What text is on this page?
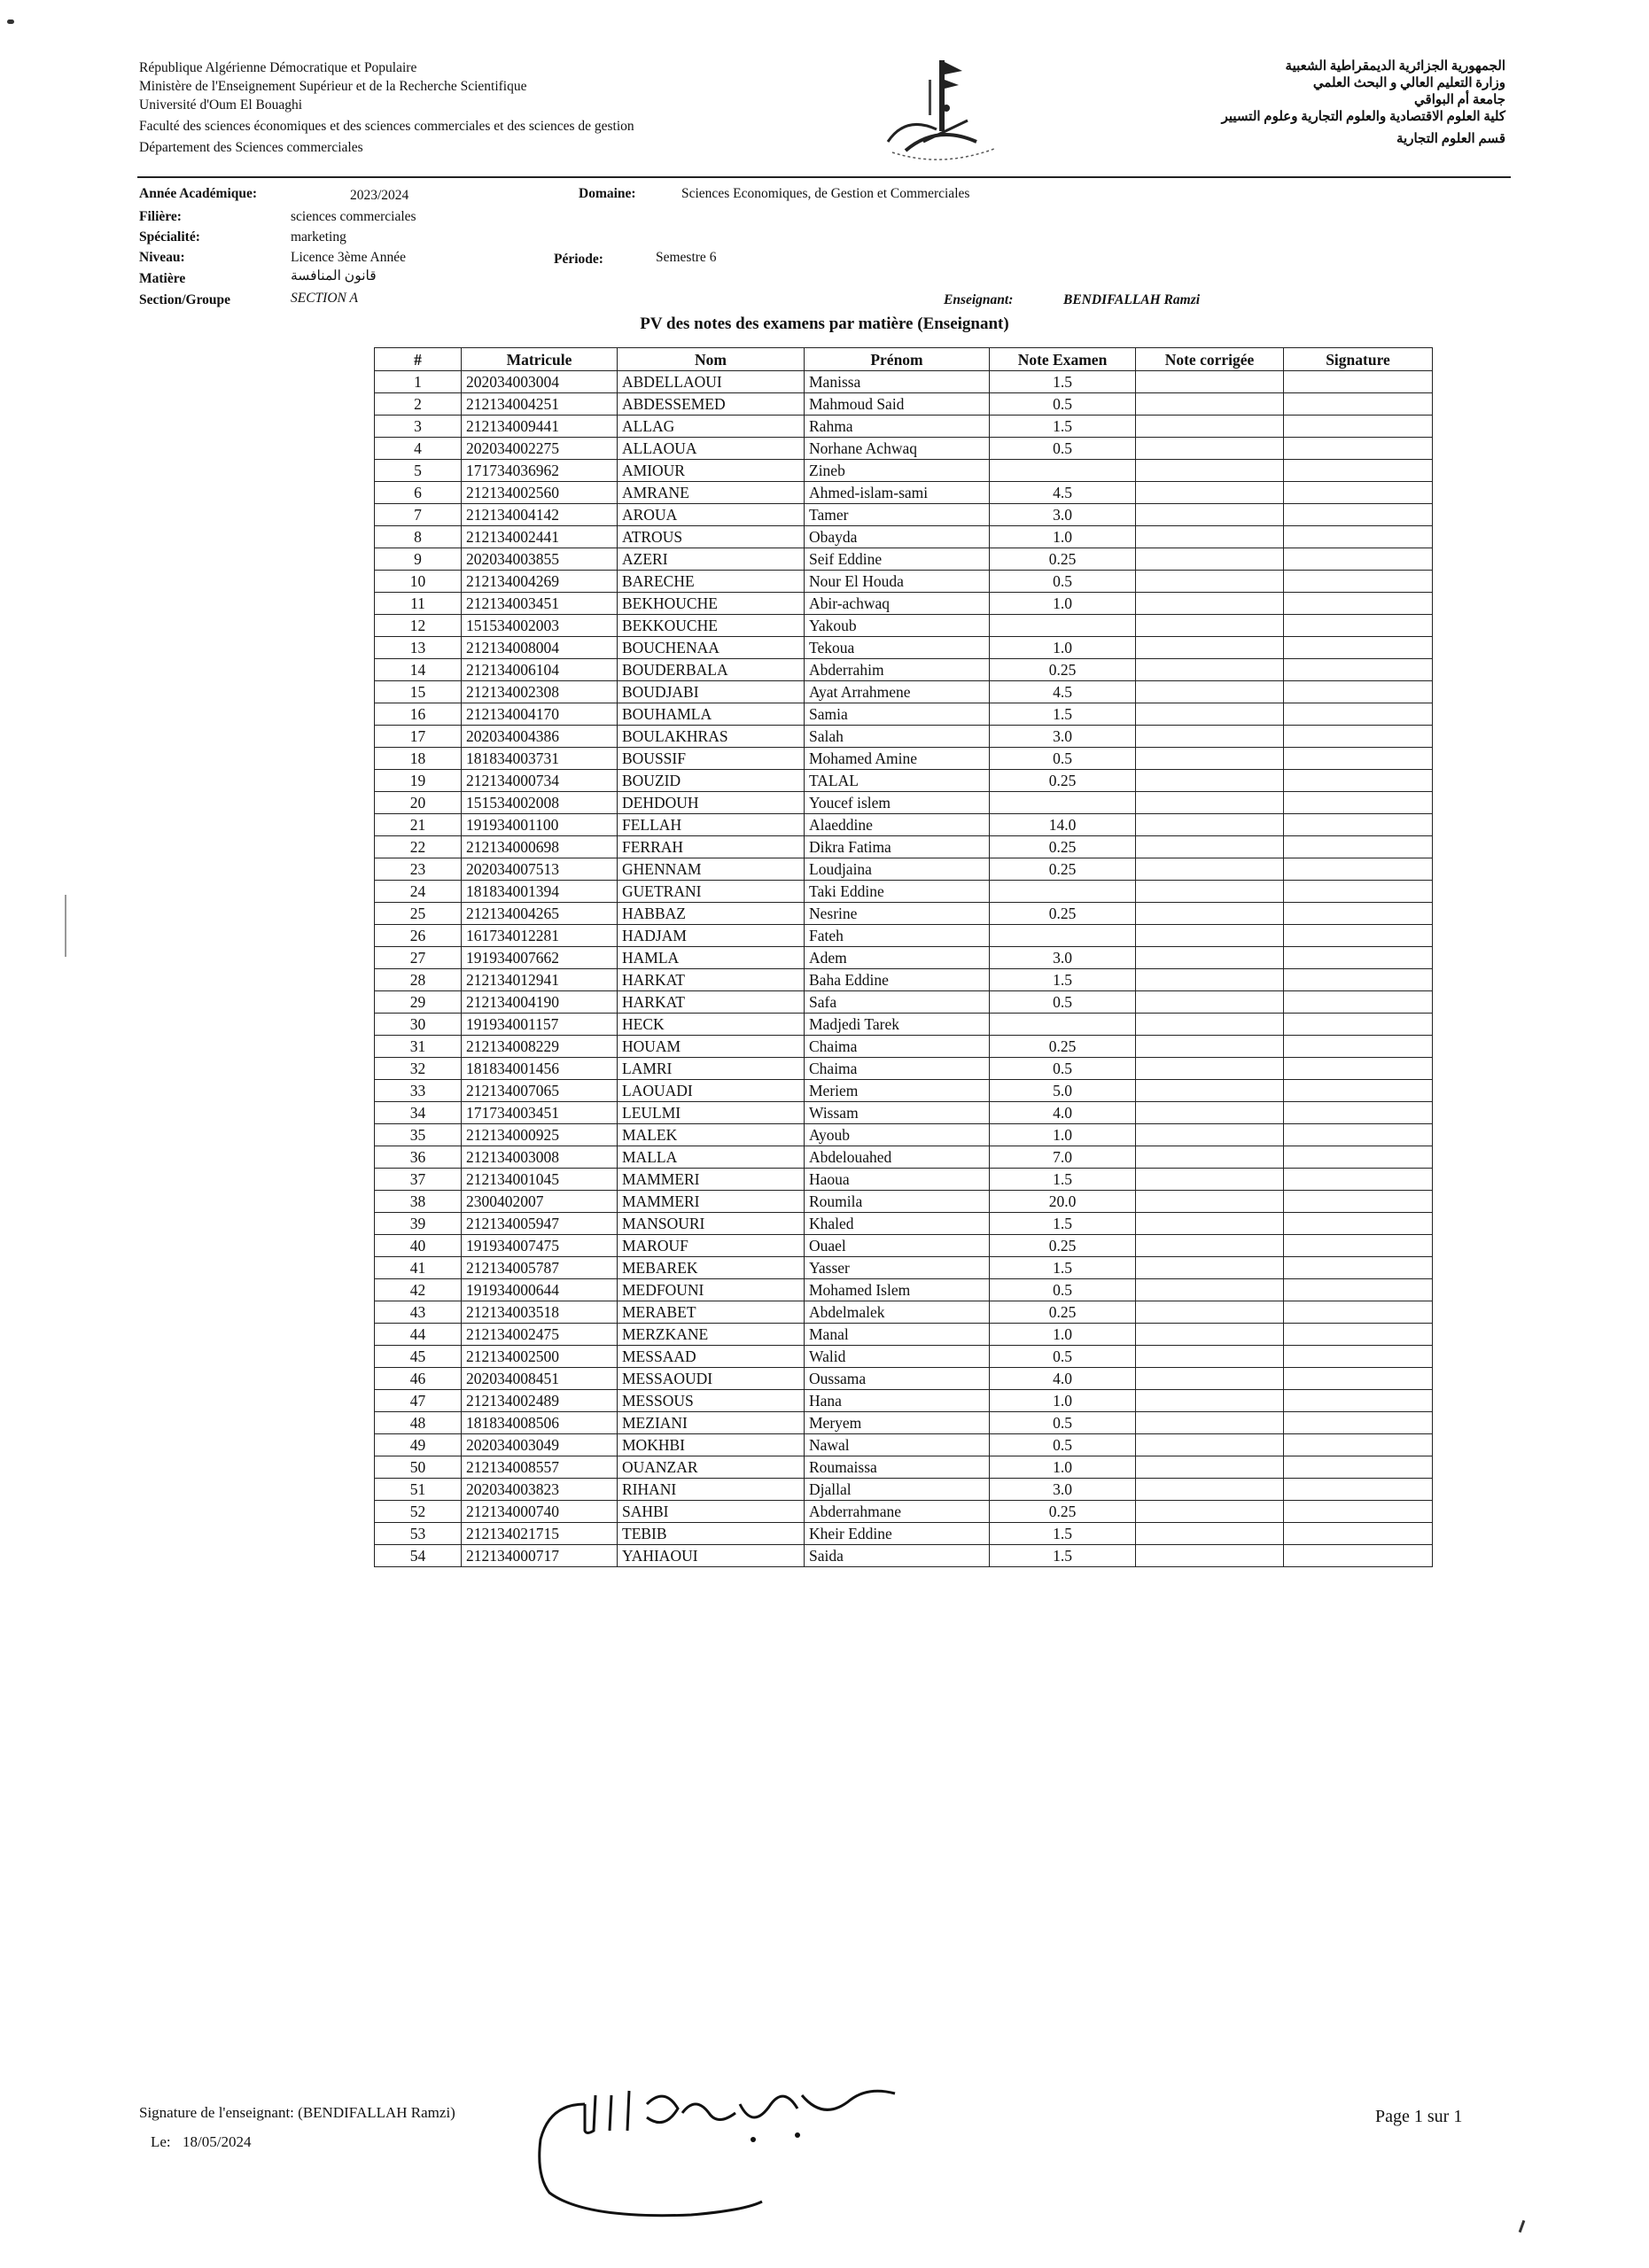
République Algérienne Démocratique et Populaire
Ministère de l'Enseignement Supérieur et de la Recherche Scientifique
Université d'Oum El Bouaghi
Faculté des sciences économiques et des sciences commerciales et des sciences de gestion
Département des Sciences commerciales
الجمهورية الجزائرية الديمقراطية الشعبية
وزارة التعليم العالي و البحث العلمي
جامعة أم البواقي
كلية العلوم الاقتصادية والعلوم التجارية وعلوم التسيير
قسم العلوم التجارية
Année Académique:	2023/2024	Domaine:	Sciences Economiques, de Gestion et Commerciales
Filière:	sciences commerciales
Spécialité:	marketing
Niveau:	Licence 3ème Année	Période:	Semestre 6
Matière	قانون المنافسة
Section/Groupe	SECTION A	Enseignant:	BENDIFALLAH Ramzi
PV des notes des examens par matière (Enseignant)
#	Matricule	Nom	Prénom	Note Examen	Note corrigée	Signature
1	202034003004	ABDELLAOUI	Manissa	1.5		
2	212134004251	ABDESSEMED	Mahmoud Said	0.5		
3	212134009441	ALLAG	Rahma	1.5		
4	202034002275	ALLAOUA	Norhane Achwaq	0.5		
5	171734036962	AMIOUR	Zineb			
6	212134002560	AMRANE	Ahmed-islam-sami	4.5		
7	212134004142	AROUA	Tamer	3.0		
8	212134002441	ATROUS	Obayda	1.0		
9	202034003855	AZERI	Seif Eddine	0.25		
10	212134004269	BARECHE	Nour El Houda	0.5		
11	212134003451	BEKHOUCHE	Abir-achwaq	1.0		
12	151534002003	BEKKOUCHE	Yakoub			
13	212134008004	BOUCHENAA	Tekoua	1.0		
14	212134006104	BOUDERBALA	Abderrahim	0.25		
15	212134002308	BOUDJABI	Ayat Arrahmene	4.5		
16	212134004170	BOUHAMLA	Samia	1.5		
17	202034004386	BOULAKHRAS	Salah	3.0		
18	181834003731	BOUSSIF	Mohamed Amine	0.5		
19	212134000734	BOUZID	TALAL	0.25		
20	151534002008	DEHDOUH	Youcef islem			
21	191934001100	FELLAH	Alaeddine	14.0		
22	212134000698	FERRAH	Dikra Fatima	0.25		
23	202034007513	GHENNAM	Loudjaina	0.25		
24	181834001394	GUETRANI	Taki Eddine			
25	212134004265	HABBAZ	Nesrine	0.25		
26	161734012281	HADJAM	Fateh			
27	191934007662	HAMLA	Adem	3.0		
28	212134012941	HARKAT	Baha Eddine	1.5		
29	212134004190	HARKAT	Safa	0.5		
30	191934001157	HECK	Madjedi Tarek			
31	212134008229	HOUAM	Chaima	0.25		
32	181834001456	LAMRI	Chaima	0.5		
33	212134007065	LAOUADI	Meriem	5.0		
34	171734003451	LEULMI	Wissam	4.0		
35	212134000925	MALEK	Ayoub	1.0		
36	212134003008	MALLA	Abdelouahed	7.0		
37	212134001045	MAMMERI	Haoua	1.5		
38	2300402007	MAMMERI	Roumila	20.0		
39	212134005947	MANSOURI	Khaled	1.5		
40	191934007475	MAROUF	Ouael	0.25		
41	212134005787	MEBAREK	Yasser	1.5		
42	191934000644	MEDFOUNI	Mohamed Islem	0.5		
43	212134003518	MERABET	Abdelmalek	0.25		
44	212134002475	MERZKANE	Manal	1.0		
45	212134002500	MESSAAD	Walid	0.5		
46	202034008451	MESSAOUDI	Oussama	4.0		
47	212134002489	MESSOUS	Hana	1.0		
48	181834008506	MEZIANI	Meryem	0.5		
49	202034003049	MOKHBI	Nawal	0.5		
50	212134008557	OUANZAR	Roumaissa	1.0		
51	202034003823	RIHANI	Djallal	3.0		
52	212134000740	SAHBI	Abderrahmane	0.25		
53	212134021715	TEBIB	Kheir Eddine	1.5		
54	212134000717	YAHIAOUI	Saida	1.5		
Signature de l'enseignant: (BENDIFALLAH Ramzi)
Le: 18/05/2024
Page 1 sur 1
